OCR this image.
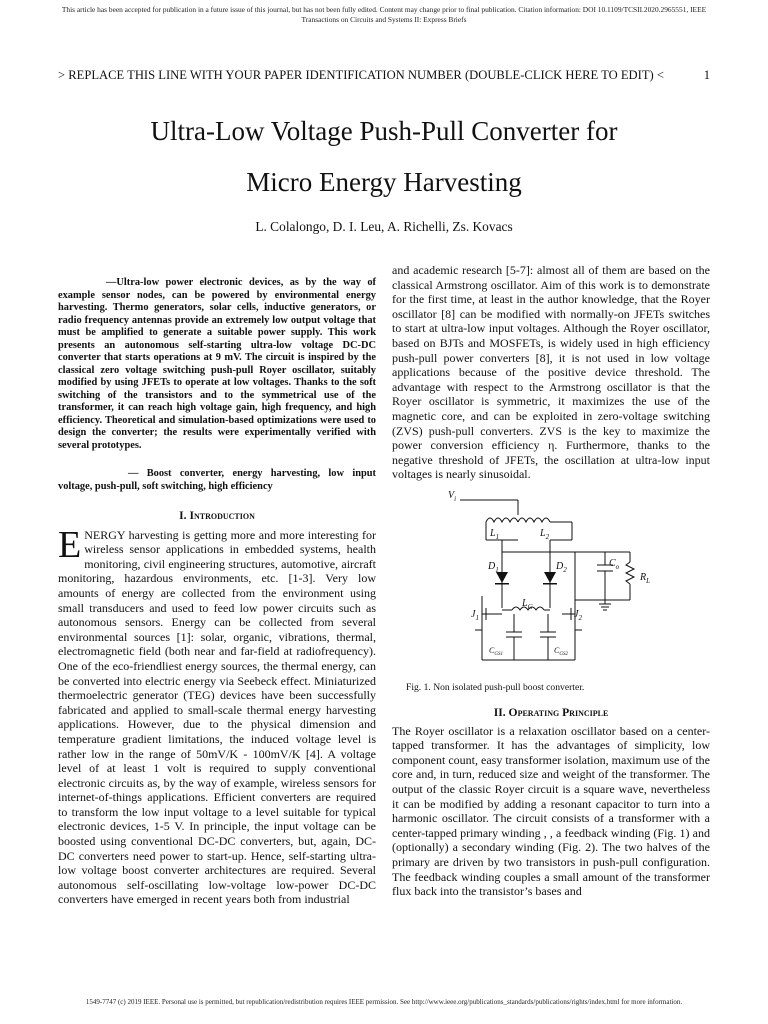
This article has been accepted for publication in a future issue of this journal, but has not been fully edited. Content may change prior to final publication. Citation information: DOI 10.1109/TCSII.2020.2965551, IEEE
Transactions on Circuits and Systems II: Express Briefs
> REPLACE THIS LINE WITH YOUR PAPER IDENTIFICATION NUMBER (DOUBLE-CLICK HERE TO EDIT) <	1
Ultra-Low Voltage Push-Pull Converter for
Micro Energy Harvesting
L. Colalongo, D. I. Leu, A. Richelli, Zs. Kovacs

—Ultra-low power electronic devices, as by the way of example sensor nodes, can be powered by environmental energy harvesting. Thermo generators, solar cells, inductive generators, or radio frequency antennas provide an extremely low output voltage that must be amplified to generate a suitable power supply. This work presents an autonomous self-starting ultra-low voltage DC-DC converter that starts operations at 9 mV. The circuit is inspired by the classical zero voltage switching push-pull Royer oscillator, suitably modified by using JFETs to operate at low voltages. Thanks to the soft switching of the transistors and to the symmetrical use of the transformer, it can reach high voltage gain, high frequency, and high efficiency. Theoretical and simulation-based optimizations were used to design the converter; the results were experimentally verified with several prototypes.

— Boost converter, energy harvesting, low input voltage, push-pull, soft switching, high efficiency

I. Introduction

ENERGY harvesting is getting more and more interesting for wireless sensor applications in embedded systems, health monitoring, civil engineering structures, automotive, aircraft monitoring, hazardous environments, etc. [1-3]. Very low amounts of energy are collected from the environment using small transducers and used to feed low power circuits such as autonomous sensors. Energy can be collected from several environmental sources [1]: solar, organic, vibrations, thermal, electromagnetic field (both near and far-field at radiofrequency). One of the eco-friendliest energy sources, the thermal energy, can be converted into electric energy via Seebeck effect. Miniaturized thermoelectric generator (TEG) devices have been successfully fabricated and applied to small-scale thermal energy harvesting applications. However, due to the physical dimension and temperature gradient limitations, the induced voltage level is rather low in the range of 50mV/K - 100mV/K [4]. A voltage level of at least 1 volt is required to supply conventional electronic circuits as, by the way of example, wireless sensors for internet-of-things applications. Efficient converters are required to transform the low input voltage to a level suitable for typical electronic devices, 1-5 V. In principle, the input voltage can be boosted using conventional DC-DC converters, but, again, DC-DC converters need power to start-up. Hence, self-starting ultra-low voltage boost converter architectures are required. Several autonomous self-oscillating low-voltage low-power DC-DC converters have emerged in recent years both from industrial

and academic research [5-7]: almost all of them are based on the classical Armstrong oscillator. Aim of this work is to demonstrate for the first time, at least in the author knowledge, that the Royer oscillator [8] can be modified with normally-on JFETs switches to start at ultra-low input voltages. Although the Royer oscillator, based on BJTs and MOSFETs, is widely used in high efficiency push-pull power converters [8], it is not used in low voltage applications because of the positive device threshold. The advantage with respect to the Armstrong oscillator is that the Royer oscillator is symmetric, it maximizes the use of the magnetic core, and can be exploited in zero-voltage switching (ZVS) push-pull converters. ZVS is the key to maximize the power conversion efficiency η. Furthermore, thanks to the negative threshold of JFETs, the oscillation at ultra-low input voltages is nearly sinusoidal.

$V_i$
$L_1$	$L_2$
$D_1$	$D_2$
$C_o$
$R_L$
$J_1$	$J_2$
$L_G$
$C_{GS1}$	$C_{GS2}$
Fig. 1. Non isolated push-pull boost converter.
II. Operating Principle

The Royer oscillator is a relaxation oscillator based on a center-tapped transformer. It has the advantages of simplicity, low component count, easy transformer isolation, maximum use of the core and, in turn, reduced size and weight of the transformer. The output of the classic Royer circuit is a square wave, nevertheless it can be modified by adding a resonant capacitor to turn into a harmonic oscillator. The circuit consists of a transformer with a center-tapped primary winding , , a feedback winding (Fig. 1) and (optionally) a secondary winding (Fig. 2). The two halves of the primary are driven by two transistors in push-pull configuration. The feedback winding couples a small amount of the transformer flux back into the transistor’s bases and

1549-7747 (c) 2019 IEEE. Personal use is permitted, but republication/redistribution requires IEEE permission. See http://www.ieee.org/publications_standards/publications/rights/index.html for more information.
